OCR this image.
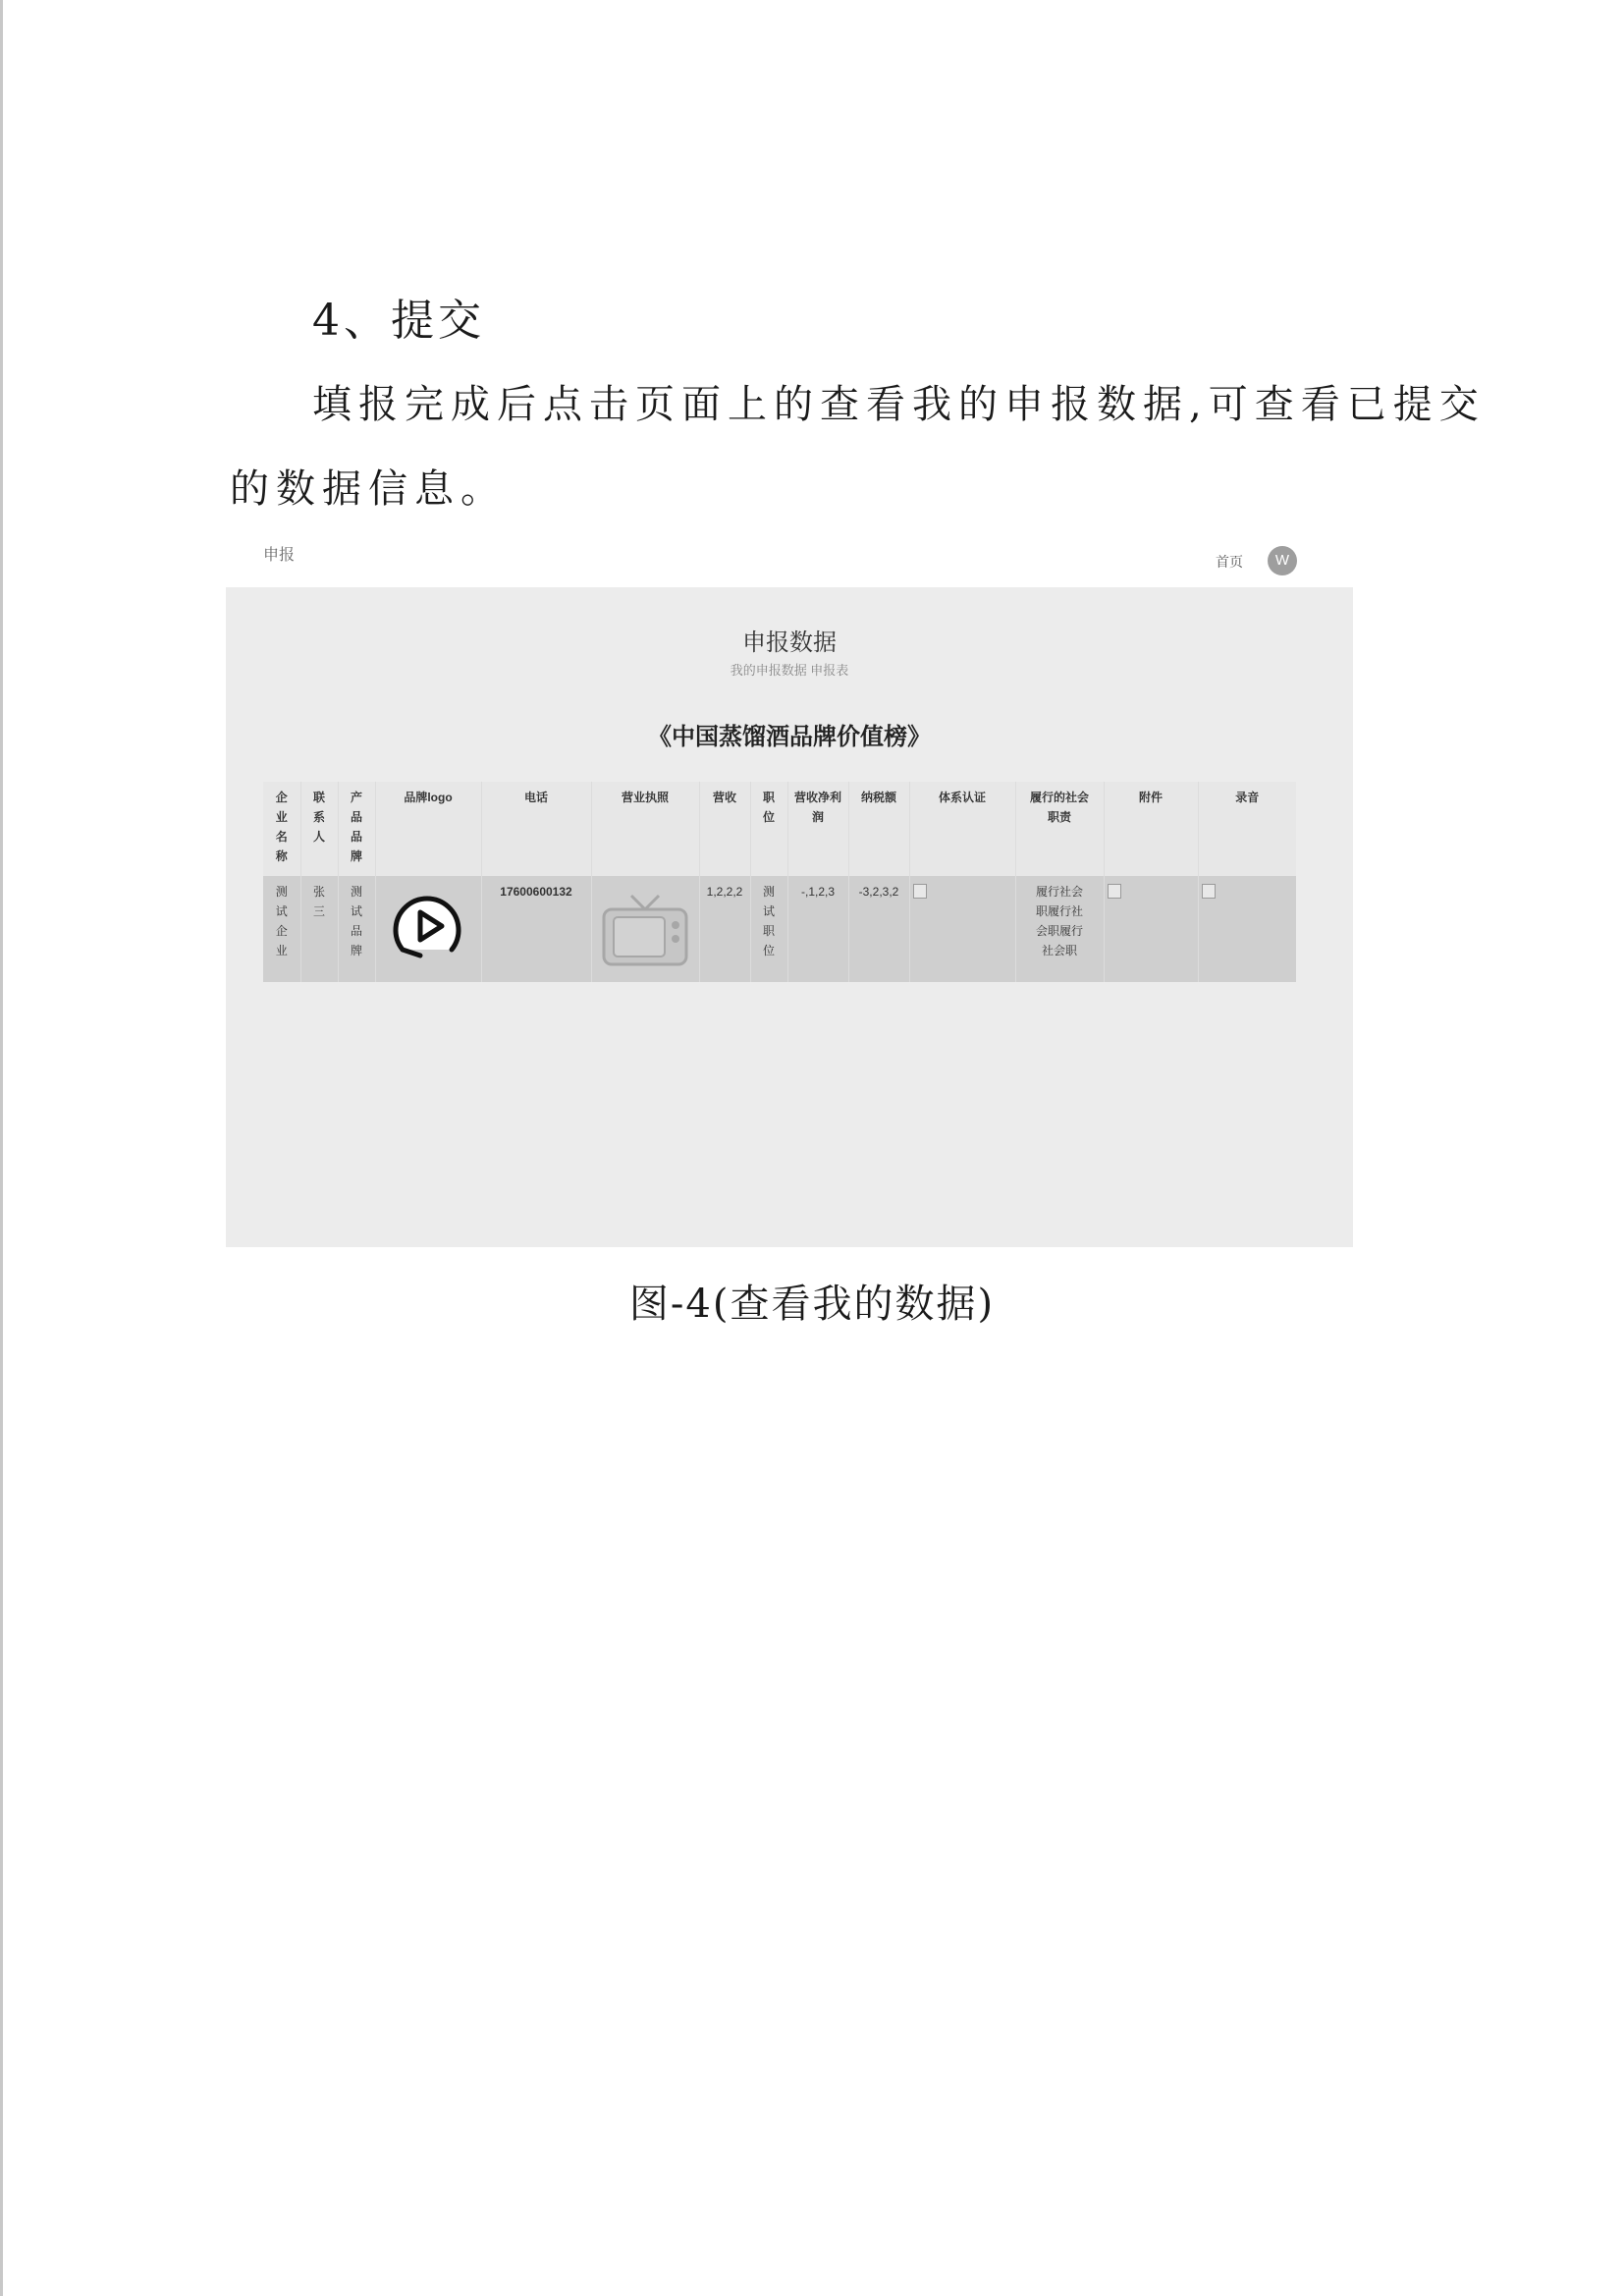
4、提交
填报完成后点击页面上的查看我的申报数据,可查看已提交
的数据信息。
申报	首页	W
申报数据
我的申报数据 申报表
《中国蒸馏酒品牌价值榜》
企业名称	联系人	产品品牌	品牌logo	电话	营业执照	营收	职位	营收净利润	纳税额	体系认证	履行的社会职责	附件	录音

测试企业	张三	测试品牌		17600600132		1,2,2,2	测试职位	-,1,2,3	-3,2,3,2		履行社会职履行社会职履行社会职		

图-4(查看我的数据)
